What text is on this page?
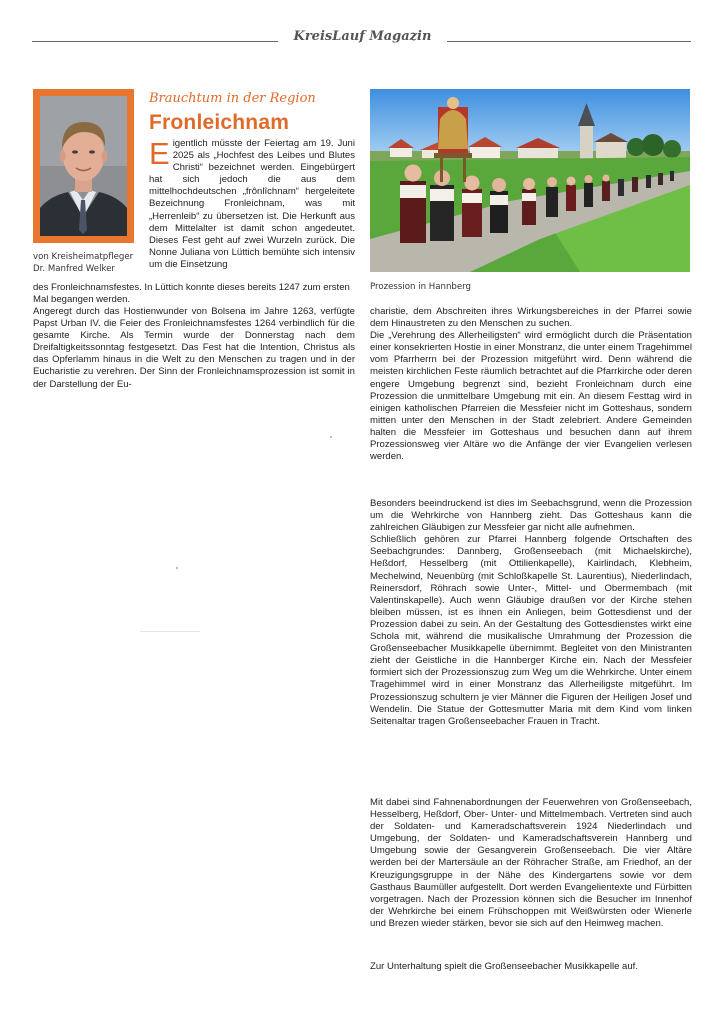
KreisLauf Magazin
von Kreisheimatpfleger
Dr. Manfred Welker
Brauchtum in der Region
Fronleichnam
Eigentlich müsste der Feiertag am 19. Juni 2025 als „Hochfest des Leibes und Blutes Christi“ bezeichnet werden. Eingebürgert hat sich jedoch die aus dem mittelhochdeutschen „frônlîchnam“ hergeleitete Bezeichnung Fronleichnam, was mit „Herrenleib“ zu übersetzen ist. Die Herkunft aus dem Mittelalter ist damit schon angedeutet. Dieses Fest geht auf zwei Wurzeln zurück. Die Nonne Juliana von Lüttich bemühte sich intensiv um die Einsetzung
des Fronleichnamsfestes. In Lüttich konnte dieses bereits 1247 zum ersten Mal begangen werden.
Angeregt durch das Hostienwunder von Bolsena im Jahre 1263, verfügte Papst Urban IV. die Feier des Fronleichnamsfestes 1264 verbindlich für die gesamte Kirche. Als Termin wurde der Donnerstag nach dem Dreifaltigkeitssonntag festgesetzt. Das Fest hat die Intention, Christus als das Opferlamm hinaus in die Welt zu den Menschen zu tragen und in der Eucharistie zu verehren. Der Sinn der Fronleichnamsprozession ist somit in der Darstellung der Eu-
Prozession in Hannberg

charistie, dem Abschreiten ihres Wirkungsbereiches in der Pfarrei sowie dem Hinaustreten zu den Menschen zu suchen.

Die „Verehrung des Allerheiligsten“ wird ermöglicht durch die Präsentation einer konsekrierten Hostie in einer Monstranz, die unter einem Tragehimmel vom Pfarrherrn bei der Prozession mitgeführt wird. Denn während die meisten kirchlichen Feste räumlich betrachtet auf die Pfarrkirche oder deren engere Umgebung begrenzt sind, bezieht Fronleichnam durch eine Prozession die unmittelbare Umgebung mit ein. An diesem Festtag wird in einigen katholischen Pfarreien die Messfeier nicht im Gotteshaus, sondern mitten unter den Menschen in der Stadt zelebriert. Andere Gemeinden halten die Messfeier im Gotteshaus und besuchen dann auf ihrem Prozessionsweg vier Altäre wo die Anfänge der vier Evangelien verlesen werden.

Besonders beeindruckend ist dies im Seebachsgrund, wenn die Prozession um die Wehrkirche von Hannberg zieht. Das Gotteshaus kann die zahlreichen Gläubigen zur Messfeier gar nicht alle aufnehmen.

Schließlich gehören zur Pfarrei Hannberg folgende Ortschaften des Seebachgrundes: Dannberg, Großenseebach (mit Michaelskirche), Heßdorf, Hesselberg (mit Ottilienkapelle), Kairlindach, Klebheim, Mechelwind, Neuenbürg (mit Schloßkapelle St. Laurentius), Niederlindach, Reinersdorf, Röhrach sowie Unter-, Mittel- und Obermembach (mit Valentinskapelle). Auch wenn Gläubige draußen vor der Kirche stehen bleiben müssen, ist es ihnen ein Anliegen, beim Gottesdienst und der Prozession dabei zu sein. An der Gestaltung des Gottesdienstes wirkt eine Schola mit, während die musikalische Umrahmung der Prozession die Großenseebacher Musikkapelle übernimmt. Begleitet von den Ministranten zieht der Geistliche in die Hannberger Kirche ein. Nach der Messfeier formiert sich der Prozessionszug zum Weg um die Wehrkirche. Unter einem Tragehimmel wird in einer Monstranz das Allerheiligste mitgeführt. Im Prozessionszug schultern je vier Männer die Figuren der Heiligen Josef und Wendelin. Die Statue der Gottesmutter Maria mit dem Kind vom linken Seitenaltar tragen Großenseebacher Frauen in Tracht.

Mit dabei sind Fahnenabordnungen der Feuerwehren von Großenseebach, Hesselberg, Heßdorf, Ober- Unter- und Mittelmembach. Vertreten sind auch der Soldaten- und Kameradschaftsverein 1924 Niederlindach und Umgebung, der Soldaten- und Kameradschaftsverein Hannberg und Umgebung sowie der Gesangverein Großenseebach. Die vier Altäre werden bei der Martersäule an der Röhracher Straße, am Friedhof, an der Kreuzigungsgruppe in der Nähe des Kindergartens sowie vor dem Gasthaus Baumüller aufgestellt. Dort werden Evangelientexte und Fürbitten vorgetragen. Nach der Prozession können sich die Besucher im Innenhof der Wehrkirche bei einem Frühschoppen mit Weißwürsten oder Wienerle und Brezen wieder stärken, bevor sie sich auf den Heimweg machen.
Zur Unterhaltung spielt die Großenseebacher Musikkapelle auf.
